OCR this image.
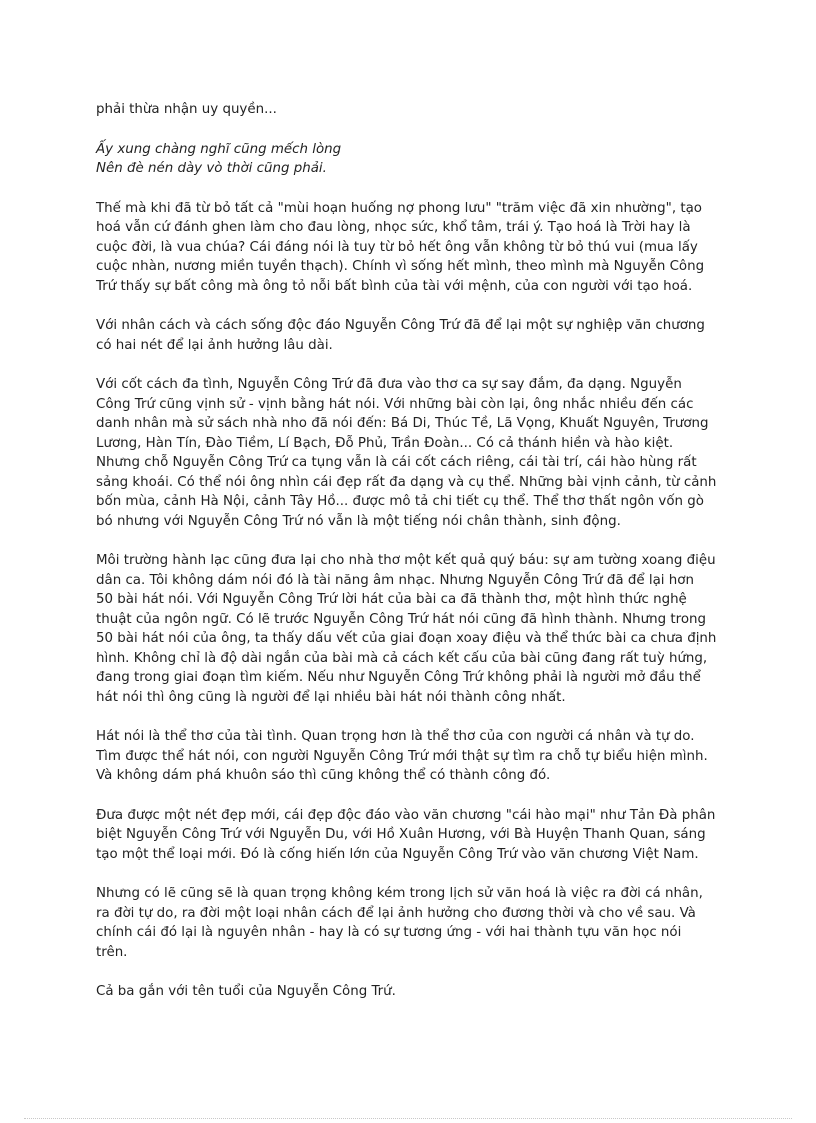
phải thừa nhận uy quyền...
Ấy xung chàng nghĩ cũng mếch lòng
Nên đè nén dày vò thời cũng phải.
Thế mà khi đã từ bỏ tất cả "mùi hoạn huống nợ phong lưu" "trăm việc đã xin nhường", tạo
hoá vẫn cứ đánh ghen làm cho đau lòng, nhọc sức, khổ tâm, trái ý. Tạo hoá là Trời hay là
cuộc đời, là vua chúa? Cái đáng nói là tuy từ bỏ hết ông vẫn không từ bỏ thú vui (mua lấy
cuộc nhàn, nương miền tuyền thạch). Chính vì sống hết mình, theo mình mà Nguyễn Công
Trứ thấy sự bất công mà ông tỏ nỗi bất bình của tài với mệnh, của con người với tạo hoá.
Với nhân cách và cách sống độc đáo Nguyễn Công Trứ đã để lại một sự nghiệp văn chương
có hai nét để lại ảnh hưởng lâu dài.
Với cốt cách đa tình, Nguyễn Công Trứ đã đưa vào thơ ca sự say đắm, đa dạng. Nguyễn
Công Trứ cũng vịnh sử - vịnh bằng hát nói. Với những bài còn lại, ông nhắc nhiều đến các
danh nhân mà sử sách nhà nho đã nói đến: Bá Di, Thúc Tề, Lã Vọng, Khuất Nguyên, Trương
Lương, Hàn Tín, Đào Tiềm, Lí Bạch, Đỗ Phủ, Trần Đoàn... Có cả thánh hiền và hào kiệt.
Nhưng chỗ Nguyễn Công Trứ ca tụng vẫn là cái cốt cách riêng, cái tài trí, cái hào hùng rất
sảng khoái. Có thể nói ông nhìn cái đẹp rất đa dạng và cụ thể. Những bài vịnh cảnh, từ cảnh
bốn mùa, cảnh Hà Nội, cảnh Tây Hồ... được mô tả chi tiết cụ thể. Thể thơ thất ngôn vốn gò
bó nhưng với Nguyễn Công Trứ nó vẫn là một tiếng nói chân thành, sinh động.
Môi trường hành lạc cũng đưa lại cho nhà thơ một kết quả quý báu: sự am tường xoang điệu
dân ca. Tôi không dám nói đó là tài năng âm nhạc. Nhưng Nguyễn Công Trứ đã để lại hơn
50 bài hát nói. Với Nguyễn Công Trứ lời hát của bài ca đã thành thơ, một hình thức nghệ
thuật của ngôn ngữ. Có lẽ trước Nguyễn Công Trứ hát nói cũng đã hình thành. Nhưng trong
50 bài hát nói của ông, ta thấy dấu vết của giai đoạn xoay điệu và thể thức bài ca chưa định
hình. Không chỉ là độ dài ngắn của bài mà cả cách kết cấu của bài cũng đang rất tuỳ hứng,
đang trong giai đoạn tìm kiếm. Nếu như Nguyễn Công Trứ không phải là người mở đầu thể
hát nói thì ông cũng là người để lại nhiều bài hát nói thành công nhất.
Hát nói là thể thơ của tài tình. Quan trọng hơn là thể thơ của con người cá nhân và tự do.
Tìm được thể hát nói, con người Nguyễn Công Trứ mới thật sự tìm ra chỗ tự biểu hiện mình.
Và không dám phá khuôn sáo thì cũng không thể có thành công đó.
Đưa được một nét đẹp mới, cái đẹp độc đáo vào văn chương "cái hào mại" như Tản Đà phân
biệt Nguyễn Công Trứ với Nguyễn Du, với Hồ Xuân Hương, với Bà Huyện Thanh Quan, sáng
tạo một thể loại mới. Đó là cống hiến lớn của Nguyễn Công Trứ vào văn chương Việt Nam.
Nhưng có lẽ cũng sẽ là quan trọng không kém trong lịch sử văn hoá là việc ra đời cá nhân,
ra đời tự do, ra đời một loại nhân cách để lại ảnh hưởng cho đương thời và cho về sau. Và
chính cái đó lại là nguyên nhân - hay là có sự tương ứng - với hai thành tựu văn học nói
trên.
Cả ba gắn với tên tuổi của Nguyễn Công Trứ.
